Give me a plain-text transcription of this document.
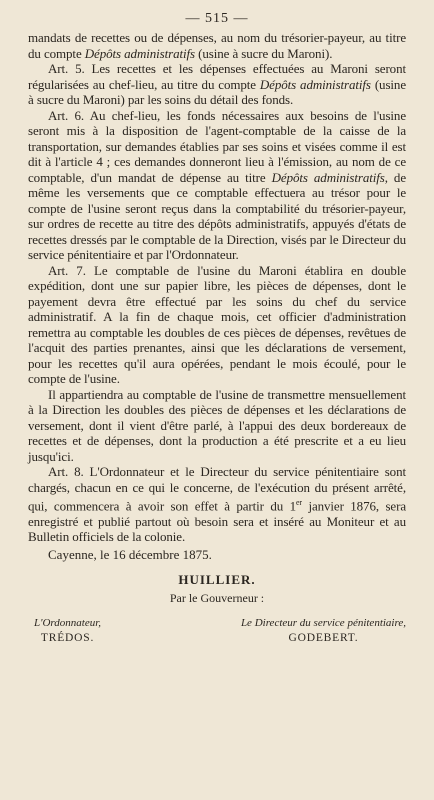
— 515 —

mandats de recettes ou de dépenses, au nom du trésorier-payeur, au titre du compte Dépôts administratifs (usine à sucre du Maroni).

Art. 5. Les recettes et les dépenses effectuées au Maroni seront régularisées au chef-lieu, au titre du compte Dépôts administratifs (usine à sucre du Maroni) par les soins du détail des fonds.

Art. 6. Au chef-lieu, les fonds nécessaires aux besoins de l'usine seront mis à la disposition de l'agent-comptable de la caisse de la transportation, sur demandes établies par ses soins et visées comme il est dit à l'article 4 ; ces demandes donneront lieu à l'émission, au nom de ce comptable, d'un mandat de dépense au titre Dépôts administratifs, de même les versements que ce comptable effectuera au trésor pour le compte de l'usine seront reçus dans la comptabilité du trésorier-payeur, sur ordres de recette au titre des dépôts administratifs, appuyés d'états de recettes dressés par le comptable de la Direction, visés par le Directeur du service pénitentiaire et par l'Ordonnateur.

Art. 7. Le comptable de l'usine du Maroni établira en double expédition, dont une sur papier libre, les pièces de dépenses, dont le payement devra être effectué par les soins du chef du service administratif. A la fin de chaque mois, cet officier d'administration remettra au comptable les doubles de ces pièces de dépenses, revêtues de l'acquit des parties prenantes, ainsi que les déclarations de versement, pour les recettes qu'il aura opérées, pendant le mois écoulé, pour le compte de l'usine.

Il appartiendra au comptable de l'usine de transmettre mensuellement à la Direction les doubles des pièces de dépenses et les déclarations de versement, dont il vient d'être parlé, à l'appui des deux bordereaux de recettes et de dépenses, dont la production a été prescrite et a eu lieu jusqu'ici.

Art. 8. L'Ordonnateur et le Directeur du service pénitentiaire sont chargés, chacun en ce qui le concerne, de l'exécution du présent arrêté, qui, commencera à avoir son effet à partir du 1er janvier 1876, sera enregistré et publié partout où besoin sera et inséré au Moniteur et au Bulletin officiels de la colonie.

Cayenne, le 16 décembre 1875.
HUILLIER.
Par le Gouverneur :
L'Ordonnateur,
TRÉDOS.
Le Directeur du service pénitentiaire,
GODEBERT.
